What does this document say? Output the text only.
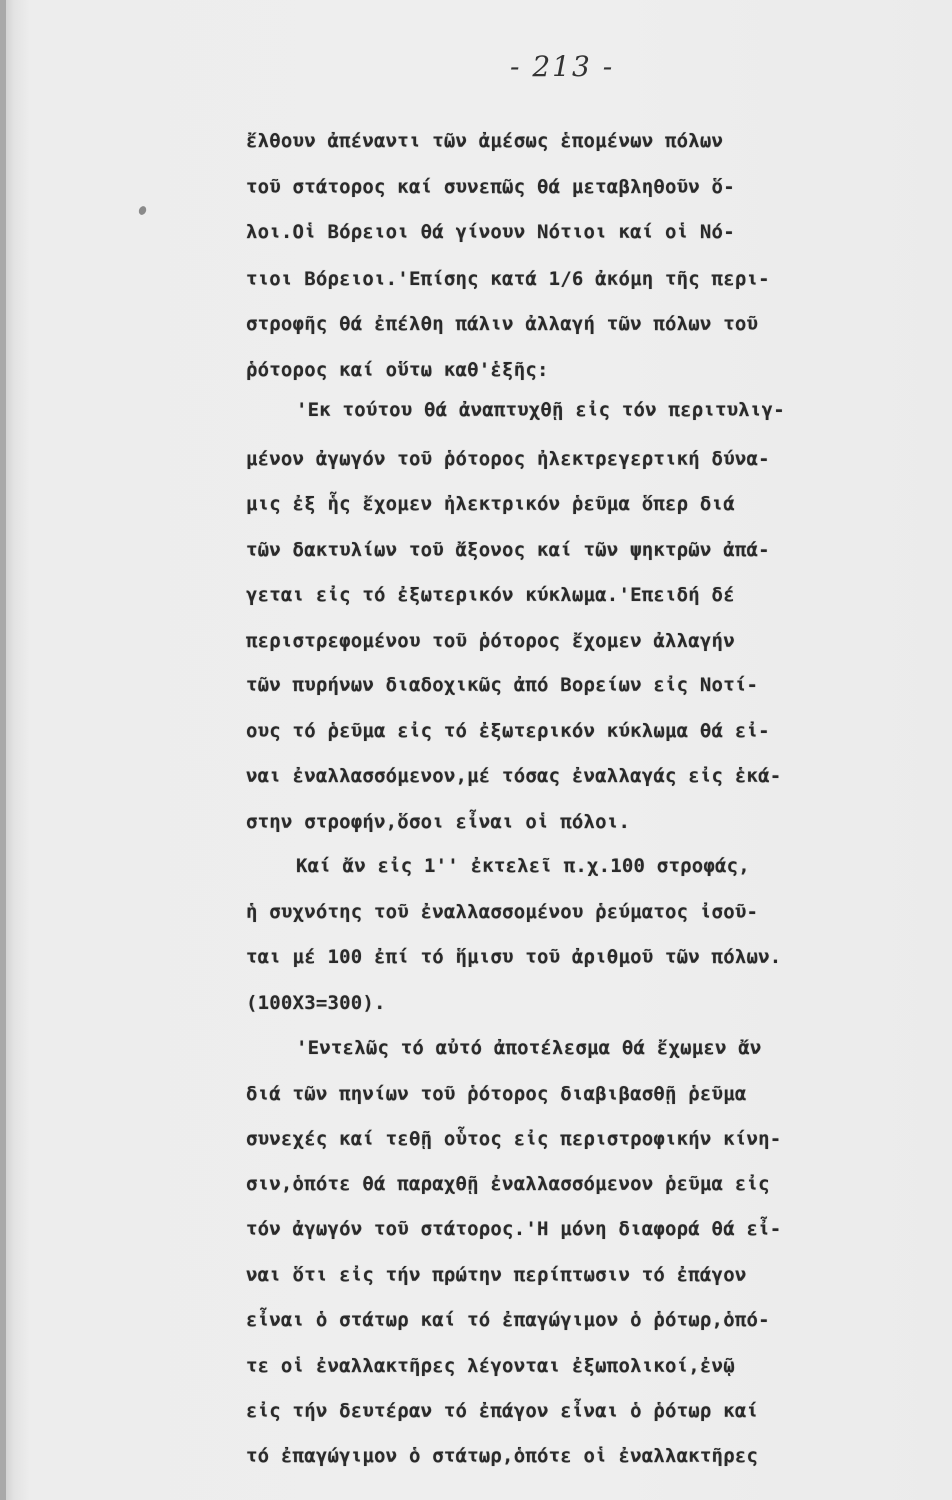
- 213 -
ἔλθουν ἀπέναντι τῶν ἀμέσως ἑπομένων πόλων
τοῦ στάτορος καί συνεπῶς θά μεταβληθοῦν ὅ-
λοι.Οἱ Βόρειοι θά γίνουν Νότιοι καί οἱ Νό-
τιοι Βόρειοι.'Επίσης κατά 1/6 ἀκόμη τῆς περι-
στροφῆς θά ἐπέλθη πάλιν ἀλλαγή τῶν πόλων τοῦ
ῥότορος καί οὕτω καθ'ἑξῆς:
'Εκ τούτου θά ἀναπτυχθῇ εἰς τόν περιτυλιγ-
μένον ἀγωγόν τοῦ ῥότορος ἠλεκτρεγερτική δύνα-
μις ἐξ ἧς ἔχομεν ἠλεκτρικόν ῥεῦμα ὅπερ διά
τῶν δακτυλίων τοῦ ἄξονος καί τῶν ψηκτρῶν ἀπά-
γεται εἰς τό ἐξωτερικόν κύκλωμα.'Επειδή δέ
περιστρεφομένου τοῦ ῥότορος ἔχομεν ἀλλαγήν
τῶν πυρήνων διαδοχικῶς ἀπό Βορείων εἰς Νοτί-
ους τό ῥεῦμα εἰς τό ἐξωτερικόν κύκλωμα θά εἰ-
ναι ἐναλλασσόμενον,μέ τόσας ἐναλλαγάς εἰς ἑκά-
στην στροφήν,ὅσοι εἶναι οἱ πόλοι.
Καί ἄν εἰς 1'' ἐκτελεῖ π.χ.100 στροφάς,
ἡ συχνότης τοῦ ἐναλλασσομένου ῥεύματος ἰσοῦ-
ται μέ 100 ἐπί τό ἥμισυ τοῦ ἀριθμοῦ τῶν πόλων.
(100Χ3=300).
'Εντελῶς τό αὐτό ἀποτέλεσμα θά ἔχωμεν ἄν
διά τῶν πηνίων τοῦ ῥότορος διαβιβασθῇ ῥεῦμα
συνεχές καί τεθῇ οὗτος εἰς περιστροφικήν κίνη-
σιν,ὁπότε θά παραχθῇ ἐναλλασσόμενον ῥεῦμα εἰς
τόν ἀγωγόν τοῦ στάτορος.'Η μόνη διαφορά θά εἶ-
ναι ὅτι εἰς τήν πρώτην περίπτωσιν τό ἐπάγον
εἶναι ὁ στάτωρ καί τό ἐπαγώγιμον ὁ ῥότωρ,ὁπό-
τε οἱ ἐναλλακτῆρες λέγονται ἐξωπολικοί,ἐνῷ
εἰς τήν δευτέραν τό ἐπάγον εἶναι ὁ ῥότωρ καί
τό ἐπαγώγιμον ὁ στάτωρ,ὁπότε οἱ ἐναλλακτῆρες
